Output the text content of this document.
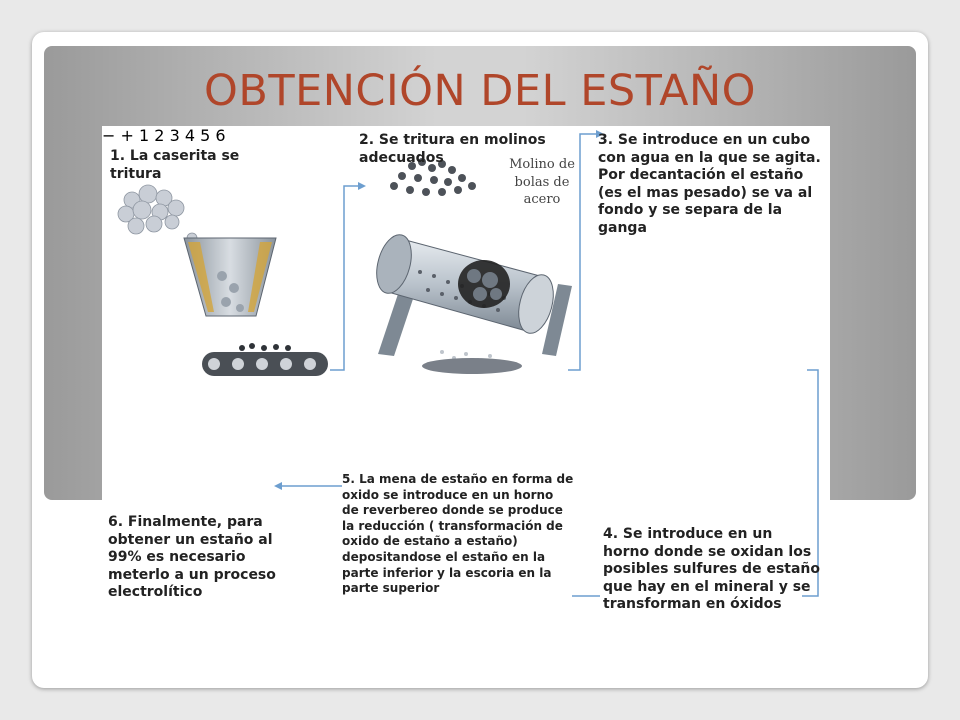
OBTENCIÓN DEL ESTAÑO
− + 1 2 3 4 5 6
Molino de bolas de acero
1. La caserita se tritura
2. Se tritura en molinos adecuados
3. Se introduce en un cubo con agua en la que se agita. Por decantación el estaño (es el mas pesado) se va al fondo y se separa de la ganga
4. Se introduce en un horno donde se oxidan los posibles sulfures de estaño que hay en el mineral y se transforman en óxidos
5. La mena de estaño en forma de oxido se introduce en un horno de reverbereo donde se produce la reducción ( transformación de oxido de estaño a estaño) depositandose el estaño en la parte inferior y la escoria en la parte superior
6. Finalmente, para obtener un estaño al 99% es necesario meterlo a un proceso electrolítico
